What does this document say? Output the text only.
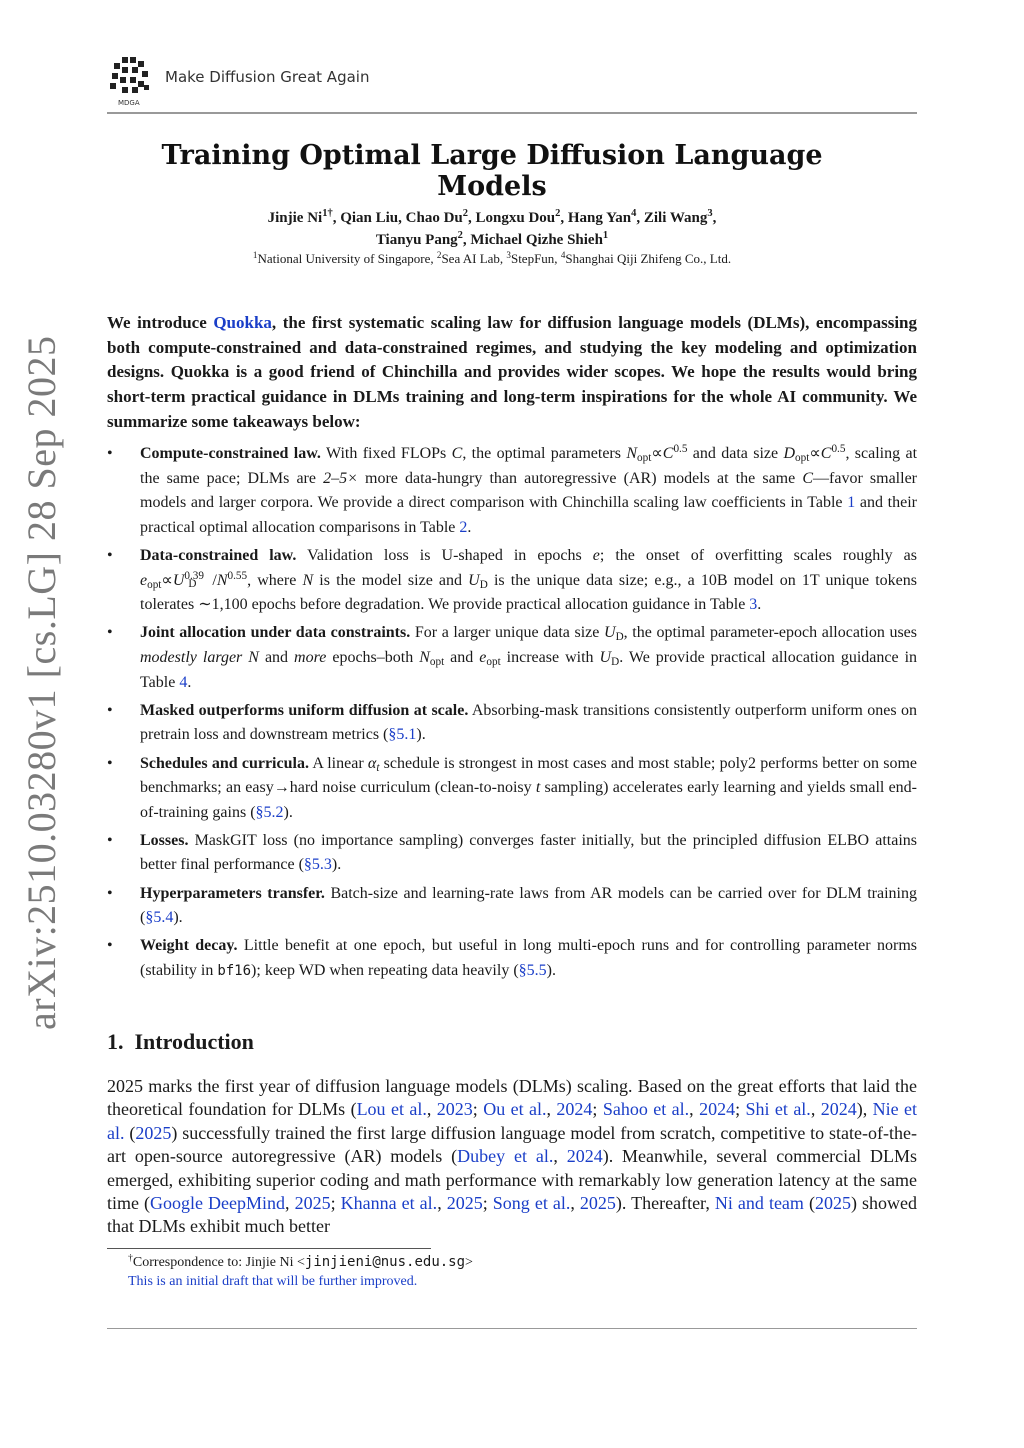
arXiv:2510.03280v1 [cs.LG] 28 Sep 2025
MDGA
Make Diffusion Great Again
Training Optimal Large Diffusion Language Models
Jinjie $Ni^{1\dagger}$, Qian Liu, Chao Du$^2$, Longxu Dou$^2$, Hang Yan$^4$, Zili Wang$^3$,
Tianyu Pang$^2$, Michael Qizhe Shieh$^1$
$^1$National University of Singapore, $^2$Sea AI Lab, $^3$StepFun, $^4$Shanghai Qiji Zhifeng Co., Ltd.
We introduce Quokka, the first systematic scaling law for diffusion language models (DLMs), encompassing both compute-constrained and data-constrained regimes, and studying the key modeling and optimization designs. Quokka is a good friend of Chinchilla and provides wider scopes. We hope the results would bring short-term practical guidance in DLMs training and long-term inspirations for the whole AI community. We summarize some takeaways below:
• Compute-constrained law. With fixed FLOPs C, the optimal parameters $N_{opt}\propto C^{0.5}$ and data size $D_{opt}\propto C^{0.5}$, scaling at the same pace; DLMs are 2–5× more data-hungry than autoregressive (AR) models at the same C—favor smaller models and larger corpora. We provide a direct comparison with Chinchilla scaling law coefficients in Table 1 and their practical optimal allocation comparisons in Table 2.
• Data-constrained law. Validation loss is U-shaped in epochs e; the onset of overfitting scales roughly as $e_{opt}\propto U^{0.39}_D$ $/N^{0.55}$, where N is the model size and $U_D$ is the unique data size; e.g., a 10B model on 1T unique tokens tolerates ∼1,100 epochs before degradation. We provide practical allocation guidance in Table 3.
• Joint allocation under data constraints. For a larger unique data size $U_D$, the optimal parameter-epoch allocation uses modestly larger N and more epochs–both $N_{opt}$ and $e_{opt}$ increase with $U_D$. We provide practical allocation guidance in Table 4.
• Masked outperforms uniform diffusion at scale. Absorbing-mask transitions consistently outperform uniform ones on pretrain loss and downstream metrics (§5.1).
• Schedules and curricula. A linear $\alpha_t$ schedule is strongest in most cases and most stable; poly2 performs better on some benchmarks; an easy→hard noise curriculum (clean-to-noisy t sampling) accelerates early learning and yields small end-of-training gains (§5.2).
• Losses. MaskGIT loss (no importance sampling) converges faster initially, but the principled diffusion ELBO attains better final performance (§5.3).
• Hyperparameters transfer. Batch-size and learning-rate laws from AR models can be carried over for DLM training (§5.4).
• Weight decay. Little benefit at one epoch, but useful in long multi-epoch runs and for controlling parameter norms (stability in bf16); keep WD when repeating data heavily (§5.5).
1. Introduction

2025 marks the first year of diffusion language models (DLMs) scaling. Based on the great efforts that laid the theoretical foundation for DLMs (Lou et al., 2023; Ou et al., 2024; Sahoo et al., 2024; Shi et al., 2024), Nie et al. (2025) successfully trained the first large diffusion language model from scratch, competitive to state-of-the-art open-source autoregressive (AR) models (Dubey et al., 2024). Meanwhile, several commercial DLMs emerged, exhibiting superior coding and math performance with remarkably low generation latency at the same time (Google DeepMind, 2025; Khanna et al., 2025; Song et al., 2025). Thereafter, Ni and team (2025) showed that DLMs exhibit much better

†Correspondence to: Jinjie Ni <jinjieni@nus.edu.sg>
This is an initial draft that will be further improved.
